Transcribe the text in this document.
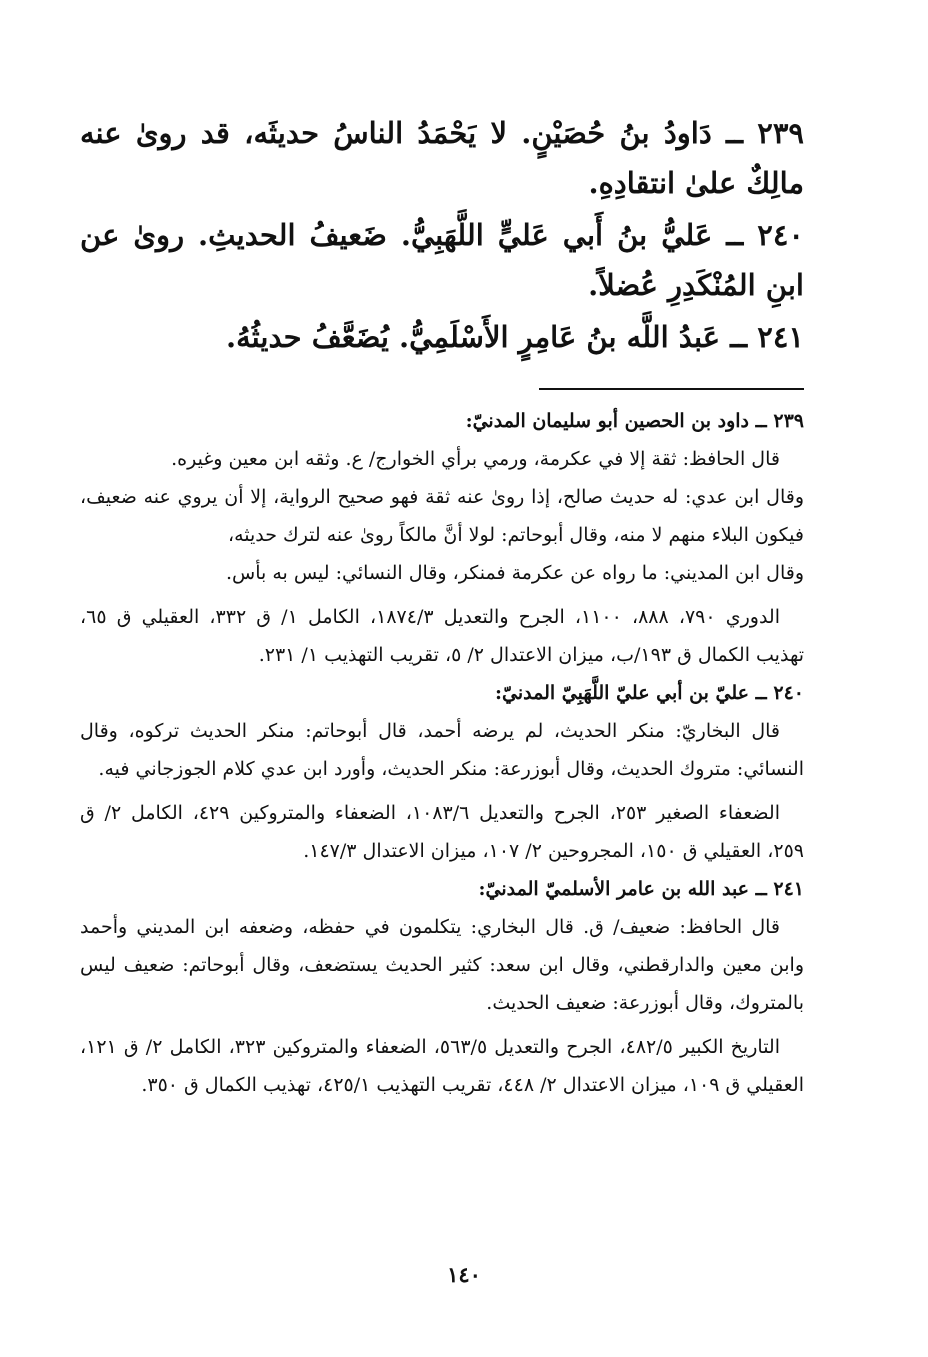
٢٣٩ ــ دَاودُ بنُ حُصَيْنٍ. لا يَحْمَدُ الناسُ حديثَه، قد روىٰ عنه مالِكٌ علىٰ انتقادِهِ.

٢٤٠ ــ عَليُّ بنُ أَبي عَليٍّ اللَّهَبِيُّ. ضَعيفُ الحديثِ. روىٰ عن ابنِ المُنْكَدِرِ عُضلاً.

٢٤١ ــ عَبدُ اللَّه بنُ عَامِرٍ الأَسْلَمِيُّ. يُضَعَّفُ حديثُهُ.

٢٣٩ ــ داود بن الحصين أبو سليمان المدنيّ:

قال الحافظ: ثقة إلا في عكرمة، ورمي برأي الخوارج/ ع. وثقه ابن معين وغيره.

وقال ابن عدي: له حديث صالح، إذا روىٰ عنه ثقة فهو صحيح الرواية، إلا أن يروي عنه ضعيف، فيكون البلاء منهم لا منه، وقال أبوحاتم: لولا أنَّ مالكاً روىٰ عنه لترك حديثه،

وقال ابن المديني: ما رواه عن عكرمة فمنكر، وقال النسائي: ليس به بأس.

الدوري ٧٩٠، ٨٨٨، ١١٠٠، الجرح والتعديل ١٨٧٤/٣، الكامل ١/ ق ٣٣٢، العقيلي ق ٦٥، تهذيب الكمال ق ١٩٣/ب، ميزان الاعتدال ٢/ ٥، تقريب التهذيب ١/ ٢٣١.

٢٤٠ ــ عليّ بن أبي عليّ اللَّهَبِيّ المدنيّ:

قال البخاريّ: منكر الحديث، لم يرضه أحمد، قال أبوحاتم: منكر الحديث تركوه، وقال النسائي: متروك الحديث، وقال أبوزرعة: منكر الحديث، وأورد ابن عدي كلام الجوزجاني فيه.

الضعفاء الصغير ٢٥٣، الجرح والتعديل ١٠٨٣/٦، الضعفاء والمتروكين ٤٢٩، الكامل ٢/ ق ٢٥٩، العقيلي ق ١٥٠، المجروحين ٢/ ١٠٧، ميزان الاعتدال ١٤٧/٣.

٢٤١ ــ عبد الله بن عامر الأسلميّ المدنيّ:

قال الحافظ: ضعيف/ ق. قال البخاري: يتكلمون في حفظه، وضعفه ابن المديني وأحمد وابن معين والدارقطني، وقال ابن سعد: كثير الحديث يستضعف، وقال أبوحاتم: ضعيف ليس بالمتروك، وقال أبوزرعة: ضعيف الحديث.

التاريخ الكبير ٤٨٢/٥، الجرح والتعديل ٥٦٣/٥، الضعفاء والمتروكين ٣٢٣، الكامل ٢/ ق ١٢١، العقيلي ق ١٠٩، ميزان الاعتدال ٢/ ٤٤٨، تقريب التهذيب ٤٢٥/١، تهذيب الكمال ق ٣٥٠.

١٤٠
